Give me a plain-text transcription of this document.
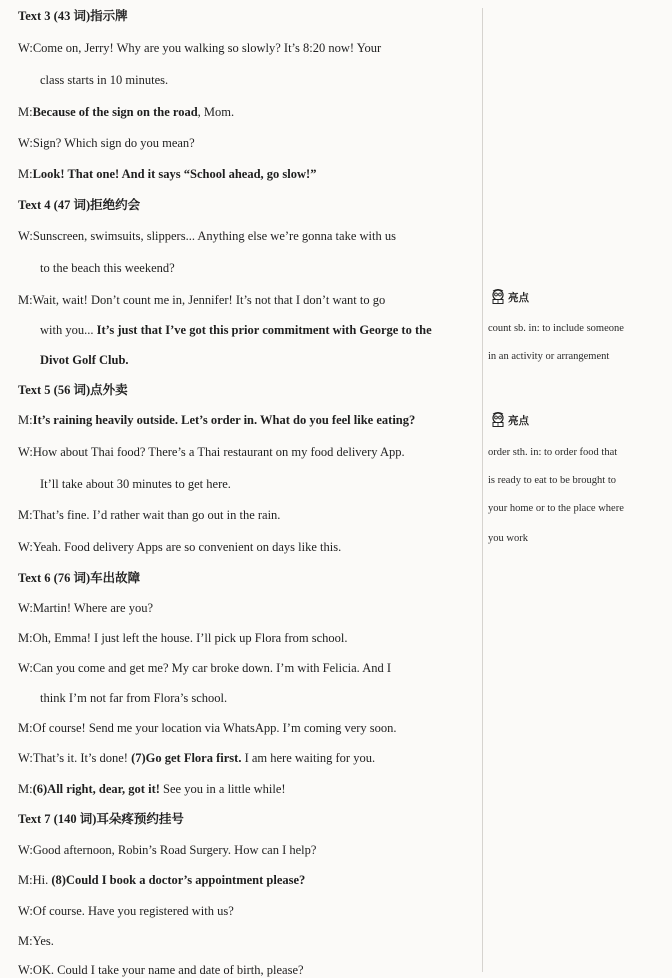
Text 3 (43 词)指示牌
W:Come on, Jerry! Why are you walking so slowly? It’s 8:20 now! Your
class starts in 10 minutes.
M:Because of the sign on the road, Mom.
W:Sign? Which sign do you mean?
M:Look! That one! And it says “School ahead, go slow!”
Text 4 (47 词)拒绝约会
W:Sunscreen, swimsuits, slippers... Anything else we’re gonna take with us
to the beach this weekend?
M:Wait, wait! Don’t count me in, Jennifer! It’s not that I don’t want to go
with you... It’s just that I’ve got this prior commitment with George to the
Divot Golf Club.
Text 5 (56 词)点外卖
M:It’s raining heavily outside. Let’s order in. What do you feel like eating?
W:How about Thai food? There’s a Thai restaurant on my food delivery App.
It’ll take about 30 minutes to get here.
M:That’s fine. I’d rather wait than go out in the rain.
W:Yeah. Food delivery Apps are so convenient on days like this.
Text 6 (76 词)车出故障
W:Martin! Where are you?
M:Oh, Emma! I just left the house. I’ll pick up Flora from school.
W:Can you come and get me? My car broke down. I’m with Felicia. And I
think I’m not far from Flora’s school.
M:Of course! Send me your location via WhatsApp. I’m coming very soon.
W:That’s it. It’s done! (7)Go get Flora first. I am here waiting for you.
M:(6)All right, dear, got it! See you in a little while!
Text 7 (140 词)耳朵疼预约挂号
W:Good afternoon, Robin’s Road Surgery. How can I help?
M:Hi. (8)Could I book a doctor’s appointment please?
W:Of course. Have you registered with us?
M:Yes.
W:OK. Could I take your name and date of birth, please?
亮点
count sb. in: to include someone
in an activity or arrangement
亮点
order sth. in: to order food that
is ready to eat to be brought to
your home or to the place where
you work
